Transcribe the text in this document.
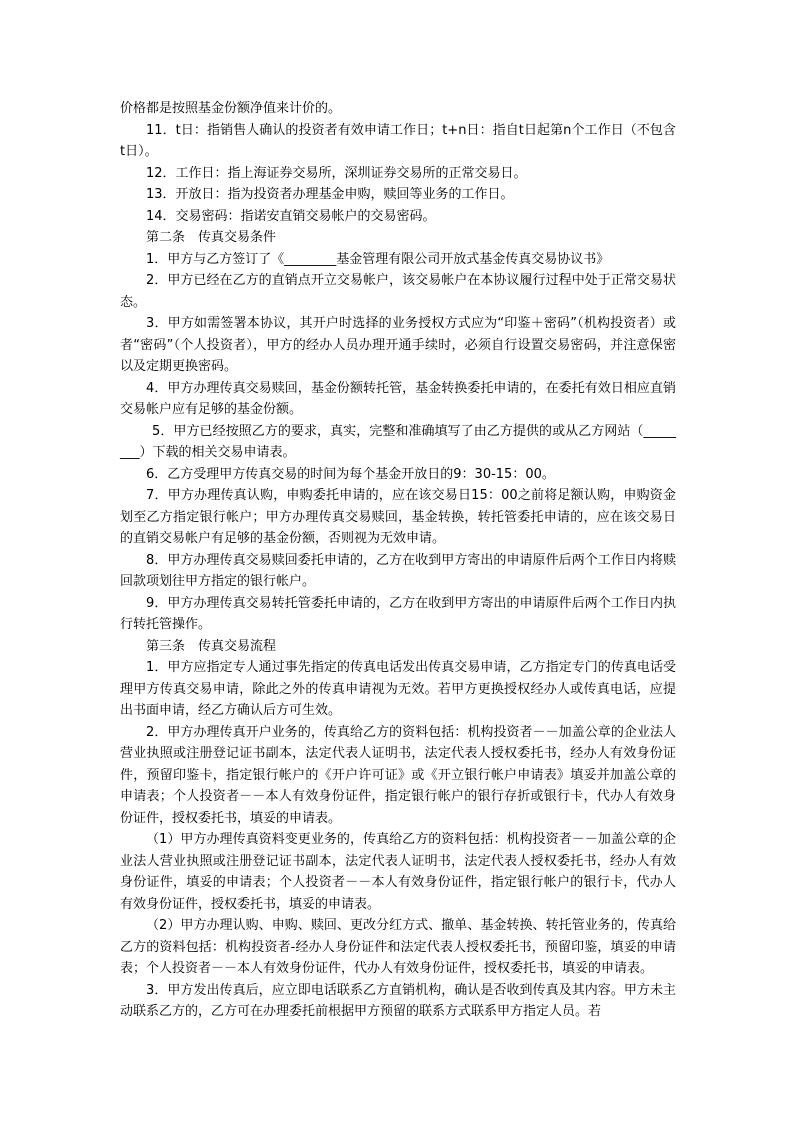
价格都是按照基金份额净值来计价的。

11．t日：指销售人确认的投资者有效申请工作日；t+n日：指自t日起第n个工作日（不包含t日）。

12．工作日：指上海证券交易所，深圳证券交易所的正常交易日。

13．开放日：指为投资者办理基金申购，赎回等业务的工作日。

14．交易密码：指诺安直销交易帐户的交易密码。

第二条　传真交易条件

1．甲方与乙方签订了《________基金管理有限公司开放式基金传真交易协议书》

2．甲方已经在乙方的直销点开立交易帐户，该交易帐户在本协议履行过程中处于正常交易状态。

3．甲方如需签署本协议，其开户时选择的业务授权方式应为“印鉴＋密码”（机构投资者）或者“密码”（个人投资者），甲方的经办人员办理开通手续时，必须自行设置交易密码，并注意保密以及定期更换密码。

4．甲方办理传真交易赎回，基金份额转托管，基金转换委托申请的，在委托有效日相应直销交易帐户应有足够的基金份额。

5．甲方已经按照乙方的要求，真实，完整和准确填写了由乙方提供的或从乙方网站（________）下载的相关交易申请表。

6．乙方受理甲方传真交易的时间为每个基金开放日的9：30-15：00。

7．甲方办理传真认购，申购委托申请的，应在该交易日15：00之前将足额认购，申购资金划至乙方指定银行帐户；甲方办理传真交易赎回，基金转换，转托管委托申请的，应在该交易日的直销交易帐户有足够的基金份额，否则视为无效申请。

8．甲方办理传真交易赎回委托申请的，乙方在收到甲方寄出的申请原件后两个工作日内将赎回款项划往甲方指定的银行帐户。

9．甲方办理传真交易转托管委托申请的，乙方在收到甲方寄出的申请原件后两个工作日内执行转托管操作。

第三条　传真交易流程

1．甲方应指定专人通过事先指定的传真电话发出传真交易申请，乙方指定专门的传真电话受理甲方传真交易申请，除此之外的传真申请视为无效。若甲方更换授权经办人或传真电话，应提出书面申请，经乙方确认后方可生效。

2．甲方办理传真开户业务的，传真给乙方的资料包括：机构投资者－－加盖公章的企业法人营业执照或注册登记证书副本，法定代表人证明书，法定代表人授权委托书，经办人有效身份证件，预留印鉴卡，指定银行帐户的《开户许可证》或《开立银行帐户申请表》填妥并加盖公章的申请表；个人投资者－－本人有效身份证件，指定银行帐户的银行存折或银行卡，代办人有效身份证件，授权委托书，填妥的申请表。

（1）甲方办理传真资料变更业务的，传真给乙方的资料包括：机构投资者－－加盖公章的企业法人营业执照或注册登记证书副本，法定代表人证明书，法定代表人授权委托书，经办人有效身份证件，填妥的申请表；个人投资者－－本人有效身份证件，指定银行帐户的银行卡，代办人有效身份证件，授权委托书，填妥的申请表。

（2）甲方办理认购、申购、赎回、更改分红方式、撤单、基金转换、转托管业务的，传真给乙方的资料包括：机构投资者-经办人身份证件和法定代表人授权委托书，预留印鉴，填妥的申请表；个人投资者－－本人有效身份证件，代办人有效身份证件，授权委托书，填妥的申请表。

3．甲方发出传真后，应立即电话联系乙方直销机构，确认是否收到传真及其内容。甲方未主动联系乙方的，乙方可在办理委托前根据甲方预留的联系方式联系甲方指定人员。若
